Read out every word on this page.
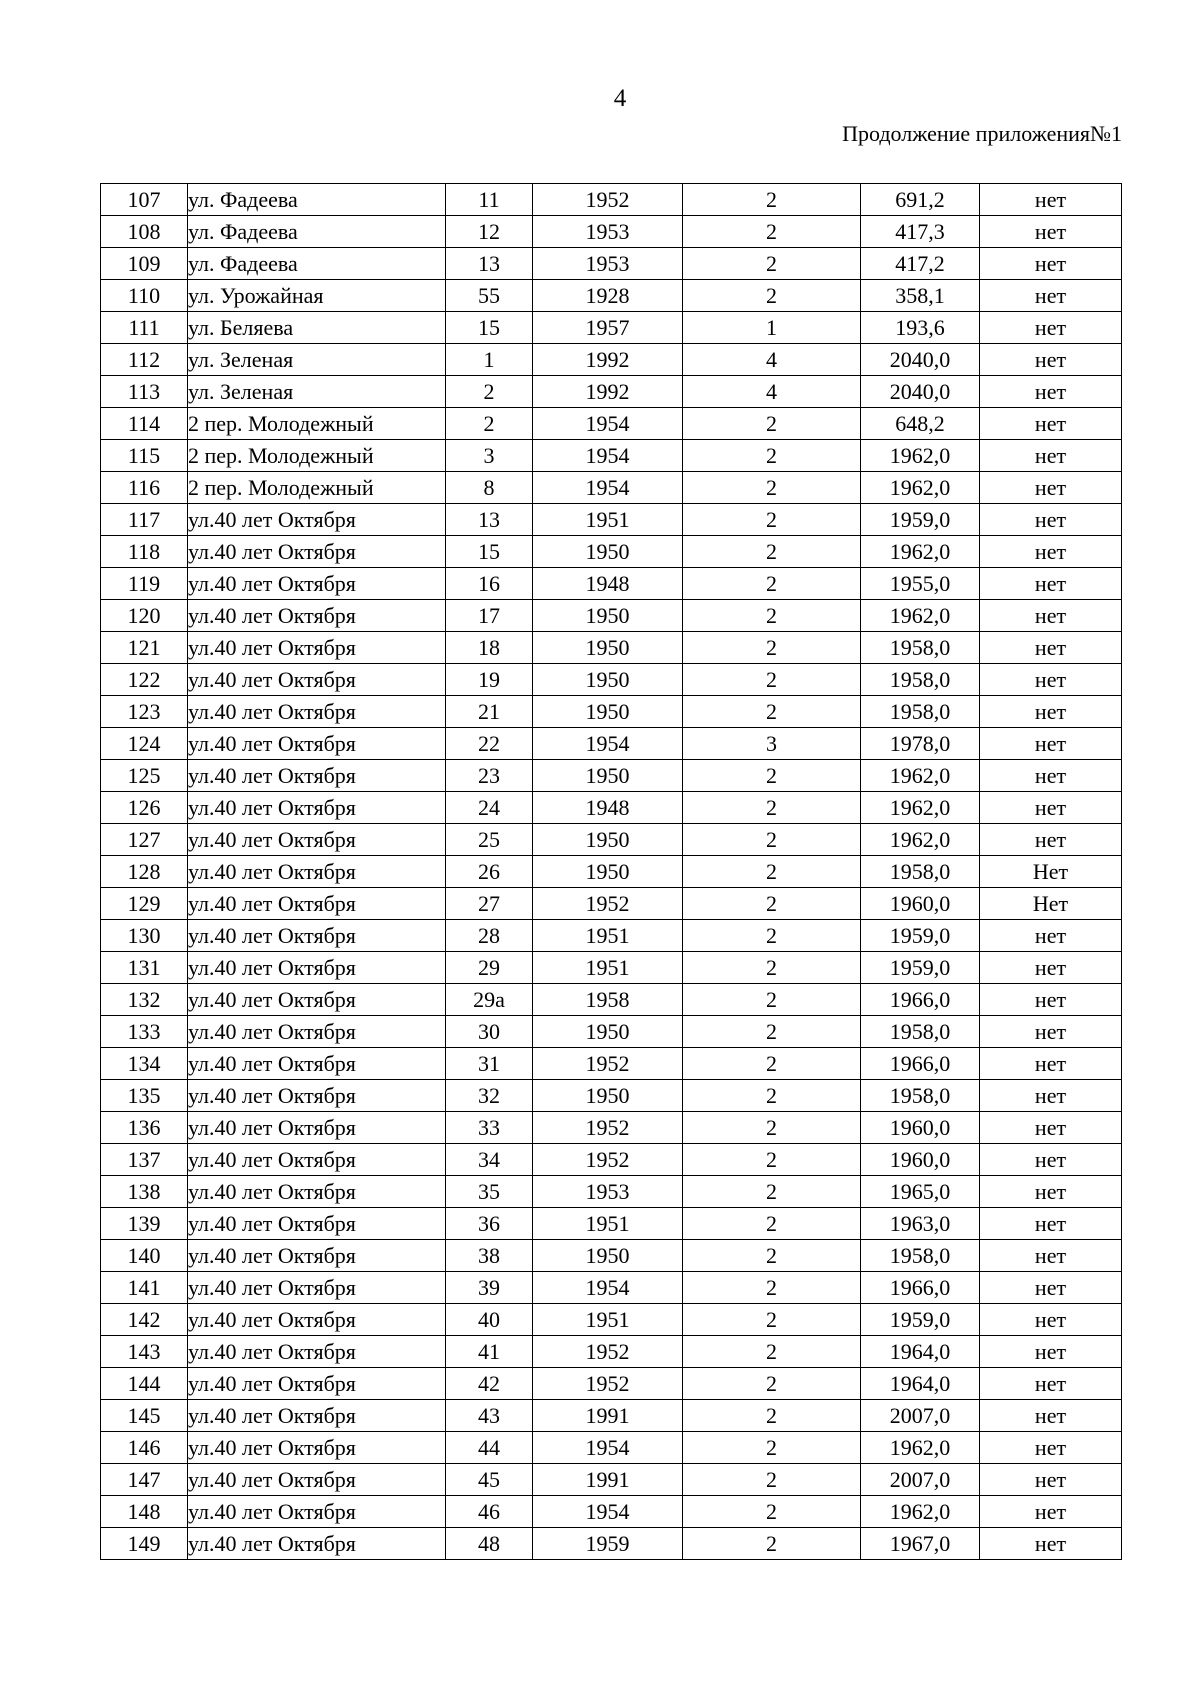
4
Продолжение приложения№1
107	ул. Фадеева	11	1952	2	691,2	нет
108	ул. Фадеева	12	1953	2	417,3	нет
109	ул. Фадеева	13	1953	2	417,2	нет
110	ул. Урожайная	55	1928	2	358,1	нет
111	ул. Беляева	15	1957	1	193,6	нет
112	ул. Зеленая	1	1992	4	2040,0	нет
113	ул. Зеленая	2	1992	4	2040,0	нет
114	2 пер. Молодежный	2	1954	2	648,2	нет
115	2 пер. Молодежный	3	1954	2	1962,0	нет
116	2 пер. Молодежный	8	1954	2	1962,0	нет
117	ул.40 лет Октября	13	1951	2	1959,0	нет
118	ул.40 лет Октября	15	1950	2	1962,0	нет
119	ул.40 лет Октября	16	1948	2	1955,0	нет
120	ул.40 лет Октября	17	1950	2	1962,0	нет
121	ул.40 лет Октября	18	1950	2	1958,0	нет
122	ул.40 лет Октября	19	1950	2	1958,0	нет
123	ул.40 лет Октября	21	1950	2	1958,0	нет
124	ул.40 лет Октября	22	1954	3	1978,0	нет
125	ул.40 лет Октября	23	1950	2	1962,0	нет
126	ул.40 лет Октября	24	1948	2	1962,0	нет
127	ул.40 лет Октября	25	1950	2	1962,0	нет
128	ул.40 лет Октября	26	1950	2	1958,0	Нет
129	ул.40 лет Октября	27	1952	2	1960,0	Нет
130	ул.40 лет Октября	28	1951	2	1959,0	нет
131	ул.40 лет Октября	29	1951	2	1959,0	нет
132	ул.40 лет Октября	29а	1958	2	1966,0	нет
133	ул.40 лет Октября	30	1950	2	1958,0	нет
134	ул.40 лет Октября	31	1952	2	1966,0	нет
135	ул.40 лет Октября	32	1950	2	1958,0	нет
136	ул.40 лет Октября	33	1952	2	1960,0	нет
137	ул.40 лет Октября	34	1952	2	1960,0	нет
138	ул.40 лет Октября	35	1953	2	1965,0	нет
139	ул.40 лет Октября	36	1951	2	1963,0	нет
140	ул.40 лет Октября	38	1950	2	1958,0	нет
141	ул.40 лет Октября	39	1954	2	1966,0	нет
142	ул.40 лет Октября	40	1951	2	1959,0	нет
143	ул.40 лет Октября	41	1952	2	1964,0	нет
144	ул.40 лет Октября	42	1952	2	1964,0	нет
145	ул.40 лет Октября	43	1991	2	2007,0	нет
146	ул.40 лет Октября	44	1954	2	1962,0	нет
147	ул.40 лет Октября	45	1991	2	2007,0	нет
148	ул.40 лет Октября	46	1954	2	1962,0	нет
149	ул.40 лет Октября	48	1959	2	1967,0	нет
